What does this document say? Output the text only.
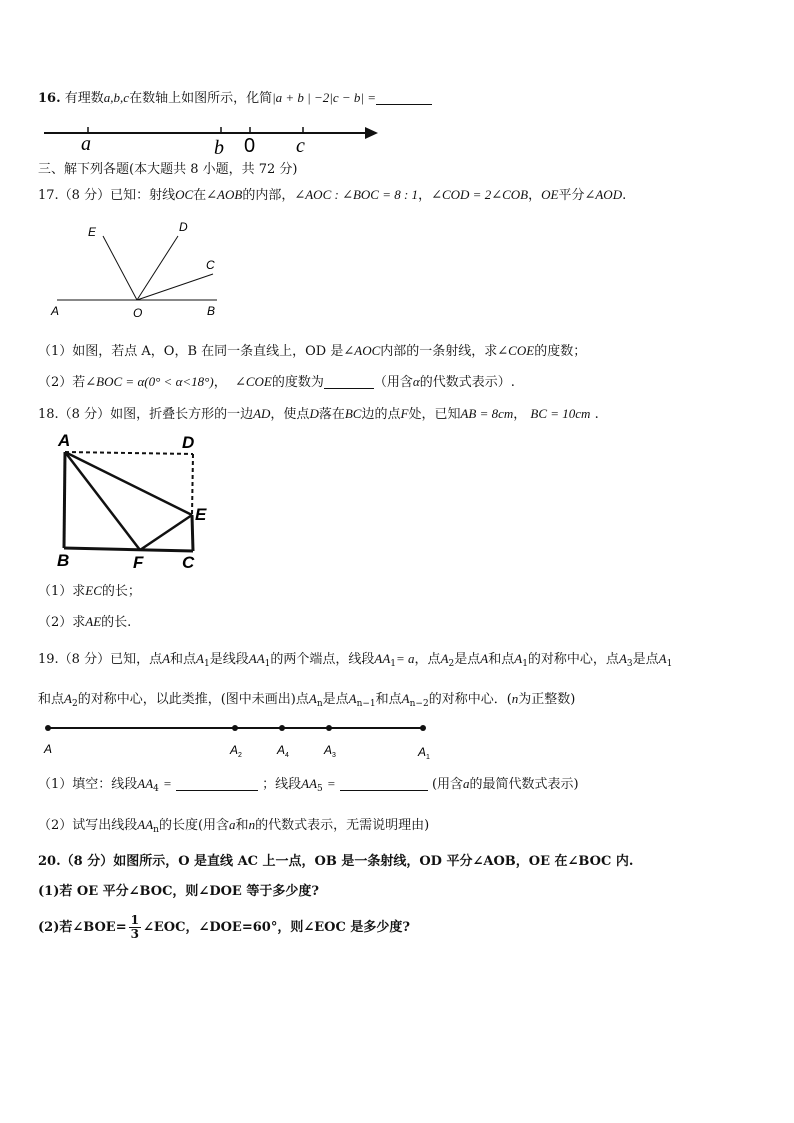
16. 有理数a,b,c在数轴上如图所示，化简|a + b | −2|c − b| =
a	b 0 c
三、解下列各题(本大题共 8 小题，共 72 分)
17.（8 分）已知：射线OC在∠AOB的内部，∠AOC : ∠BOC = 8 : 1，∠COD = 2∠COB，OE平分∠AOD.
E	D
C
A	O	B
（1）如图，若点 A，O，B 在同一条直线上，OD 是∠AOC内部的一条射线，求∠COE的度数；
（2）若∠BOC = α(0° < α<18°)，  ∠COE的度数为	（用含α的代数式表示）.
18.（8 分）如图，折叠长方形的一边AD，使点D落在BC边的点F处，已知AB = 8cm， BC = 10cm .
A	D
E
B	F C
（1）求EC的长；
（2）求AE的长.
19.（8 分）已知，点A和点$A_1$是线段$AA_1$的两个端点，线段$AA_1= a$，点$A_2$是点A和点$A_1$的对称中心，点$A_3$是点$A_1$
和点$A_2$的对称中心，以此类推，(图中未画出)点$A_n$是点$A_{n-1}$和点$A_{n-2}$的对称中心．(n为正整数)
A	A 2	A 4	A 3	A 1
（1）填空：线段$AA_4$ =	；线段$AA_5$ =	(用含a的最简代数式表示)
（2）试写出线段$AA_n$的长度(用含a和n的代数式表示，无需说明理由)
20.（8 分）如图所示，O 是直线 AC 上一点，OB 是一条射线，OD 平分∠AOB，OE 在∠BOC 内.
(1)若 OE 平分∠BOC，则∠DOE 等于多少度?
(2)若∠BOE= $\frac{1}{3}$ ∠EOC，∠DOE=60°，则∠EOC 是多少度?
